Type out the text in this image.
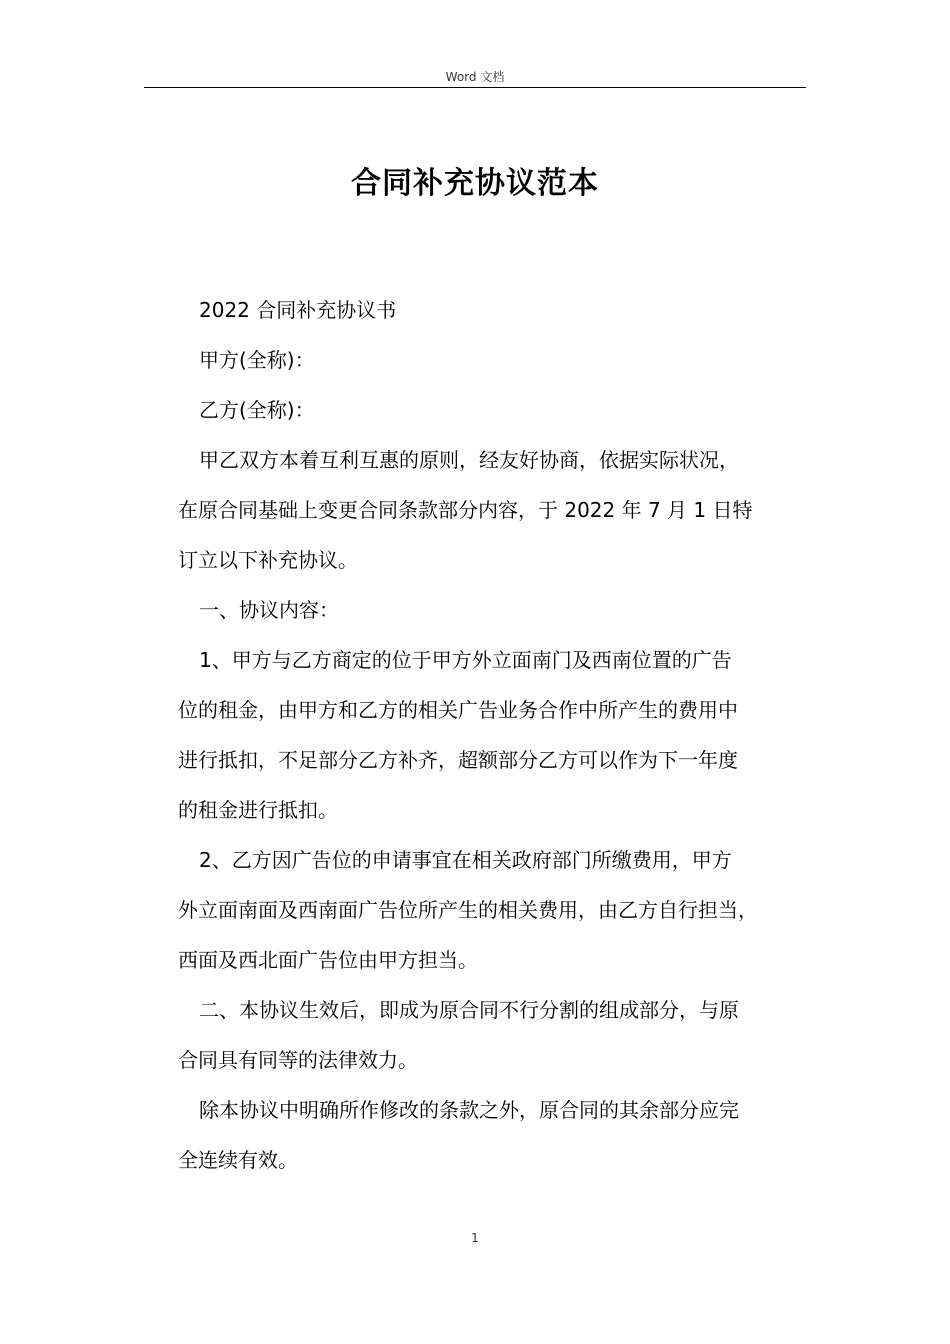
Word 文档
合同补充协议范本
2022 合同补充协议书
甲方(全称)：
乙方(全称)：
甲乙双方本着互利互惠的原则，经友好协商，依据实际状况，
在原合同基础上变更合同条款部分内容，于 2022 年 7 月 1 日特
订立以下补充协议。
一、协议内容：
1、甲方与乙方商定的位于甲方外立面南门及西南位置的广告
位的租金，由甲方和乙方的相关广告业务合作中所产生的费用中
进行抵扣，不足部分乙方补齐，超额部分乙方可以作为下一年度
的租金进行抵扣。
2、乙方因广告位的申请事宜在相关政府部门所缴费用，甲方
外立面南面及西南面广告位所产生的相关费用，由乙方自行担当，
西面及西北面广告位由甲方担当。
二、本协议生效后，即成为原合同不行分割的组成部分，与原
合同具有同等的法律效力。
除本协议中明确所作修改的条款之外，原合同的其余部分应完
全连续有效。
1
